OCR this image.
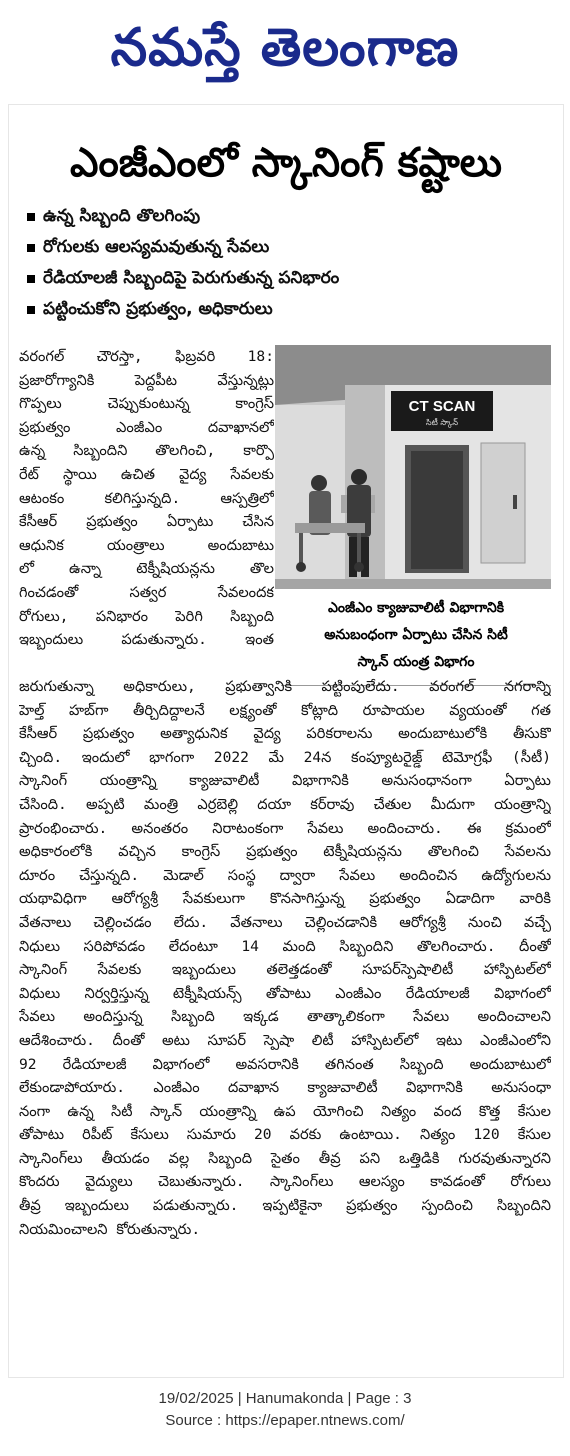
నమస్తే తెలంగాణ
ఎంజీఎంలో స్కానింగ్ కష్టాలు
ఉన్న సిబ్బంది తొలగింపు
రోగులకు ఆలస్యమవుతున్న సేవలు
రేడియాలజీ సిబ్బందిపై పెరుగుతున్న పనిభారం
పట్టించుకోని ప్రభుత్వం, అధికారులు
వరంగల్ చౌరస్తా, ఫిబ్రవరి 18:
ప్రజారోగ్యానికి పెద్దపీట వేస్తున్నట్లు
గొప్పలు చెప్పుకుంటున్న కాంగ్రెస్
ప్రభుత్వం ఎంజీఎం దవాఖానలో
ఉన్న సిబ్బందిని తొలగించి, కార్పొ
రేట్ స్థాయి ఉచిత వైద్య సేవలకు
ఆటంకం కలిగిస్తున్నది. ఆస్పత్రిలో
కేసీఆర్ ప్రభుత్వం ఏర్పాటు చేసిన
ఆధునిక యంత్రాలు అందుబాటు
లో ఉన్నా టెక్నీషియన్లను తొల
గించడంతో సత్వర సేవలందక
రోగులు, పనిభారం పెరిగి సిబ్బంది
ఇబ్బందులు పడుతున్నారు. ఇంత
CT SCAN
సిటీ స్కాన్
ఎంజీఎం క్యాజువాలిటీ విభాగానికి
అనుబంధంగా ఏర్పాటు చేసిన సిటీ
స్కాన్ యంత్ర విభాగం
జరుగుతున్నా అధికారులు, ప్రభుత్వానికి పట్టింపులేదు. వరంగల్ నగరాన్ని
హెల్త్ హబ్‌గా తీర్చిదిద్దాలనే లక్ష్యంతో కోట్లాది రూపాయల వ్యయంతో గత
కేసీఆర్ ప్రభుత్వం అత్యాధునిక వైద్య పరికరాలను అందుబాటులోకి తీసుకొ
చ్చింది. ఇందులో భాగంగా 2022 మే 24న కంప్యూటరైజ్డ్ టెమోగ్రఫీ (సీటీ)
స్కానింగ్ యంత్రాన్ని క్యాజువాలిటీ విభాగానికి అనుసంధానంగా ఏర్పాటు
చేసింది. అప్పటి మంత్రి ఎర్రబెల్లి దయా కర్‌రావు చేతుల మీదుగా యంత్రాన్ని
ప్రారంభించారు. అనంతరం నిరాటంకంగా సేవలు అందించారు. ఈ క్రమంలో
అధికారంలోకి వచ్చిన కాంగ్రెస్ ప్రభుత్వం టెక్నీషియన్లను తొలగించి సేవలను
దూరం చేస్తున్నది. మెడాల్ సంస్థ ద్వారా సేవలు అందించిన ఉద్యోగులను
యథావిధిగా ఆరోగ్యశ్రీ సేవకులుగా కొనసాగిస్తున్న ప్రభుత్వం ఏడాదిగా వారికి
వేతనాలు చెల్లించడం లేదు. వేతనాలు చెల్లించడానికి ఆరోగ్యశ్రీ నుంచి వచ్చే
నిధులు సరిపోవడం లేదంటూ 14 మంది సిబ్బందిని తొలగించారు. దీంతో
స్కానింగ్ సేవలకు ఇబ్బందులు తలెత్తడంతో సూపర్‌స్పెషాలిటీ హాస్పిటల్‌లో
విధులు నిర్వర్తిస్తున్న టెక్నీషియన్స్ తోపాటు ఎంజీఎం రేడియాలజీ విభాగంలో
సేవలు అందిస్తున్న సిబ్బంది ఇక్కడ తాత్కాలికంగా సేవలు అందించాలని
ఆదేశించారు. దీంతో అటు సూపర్ స్పెషా లిటీ హాస్పిటల్‌లో ఇటు ఎంజీఎంలోని
92 రేడియాలజీ విభాగంలో అవసరానికి తగినంత సిబ్బంది అందుబాటులో
లేకుండాపోయారు. ఎంజీఎం దవాఖాన క్యాజువాలిటీ విభాగానికి అనుసంధా
నంగా ఉన్న సిటీ స్కాన్ యంత్రాన్ని ఉప యోగించి నిత్యం వంద కొత్త కేసుల
తోపాటు రిపీట్ కేసులు సుమారు 20 వరకు ఉంటాయి. నిత్యం 120 కేసుల
స్కానింగ్‌లు తీయడం వల్ల సిబ్బంది సైతం తీవ్ర పని ఒత్తిడికి గురవుతున్నారని
కొందరు వైద్యులు చెబుతున్నారు. స్కానింగ్‌లు ఆలస్యం కావడంతో రోగులు
తీవ్ర ఇబ్బందులు పడుతున్నారు. ఇప్పటికైనా ప్రభుత్వం స్పందించి సిబ్బందిని
నియమించాలని కోరుతున్నారు.
19/02/2025 | Hanumakonda | Page : 3
Source : https://epaper.ntnews.com/
